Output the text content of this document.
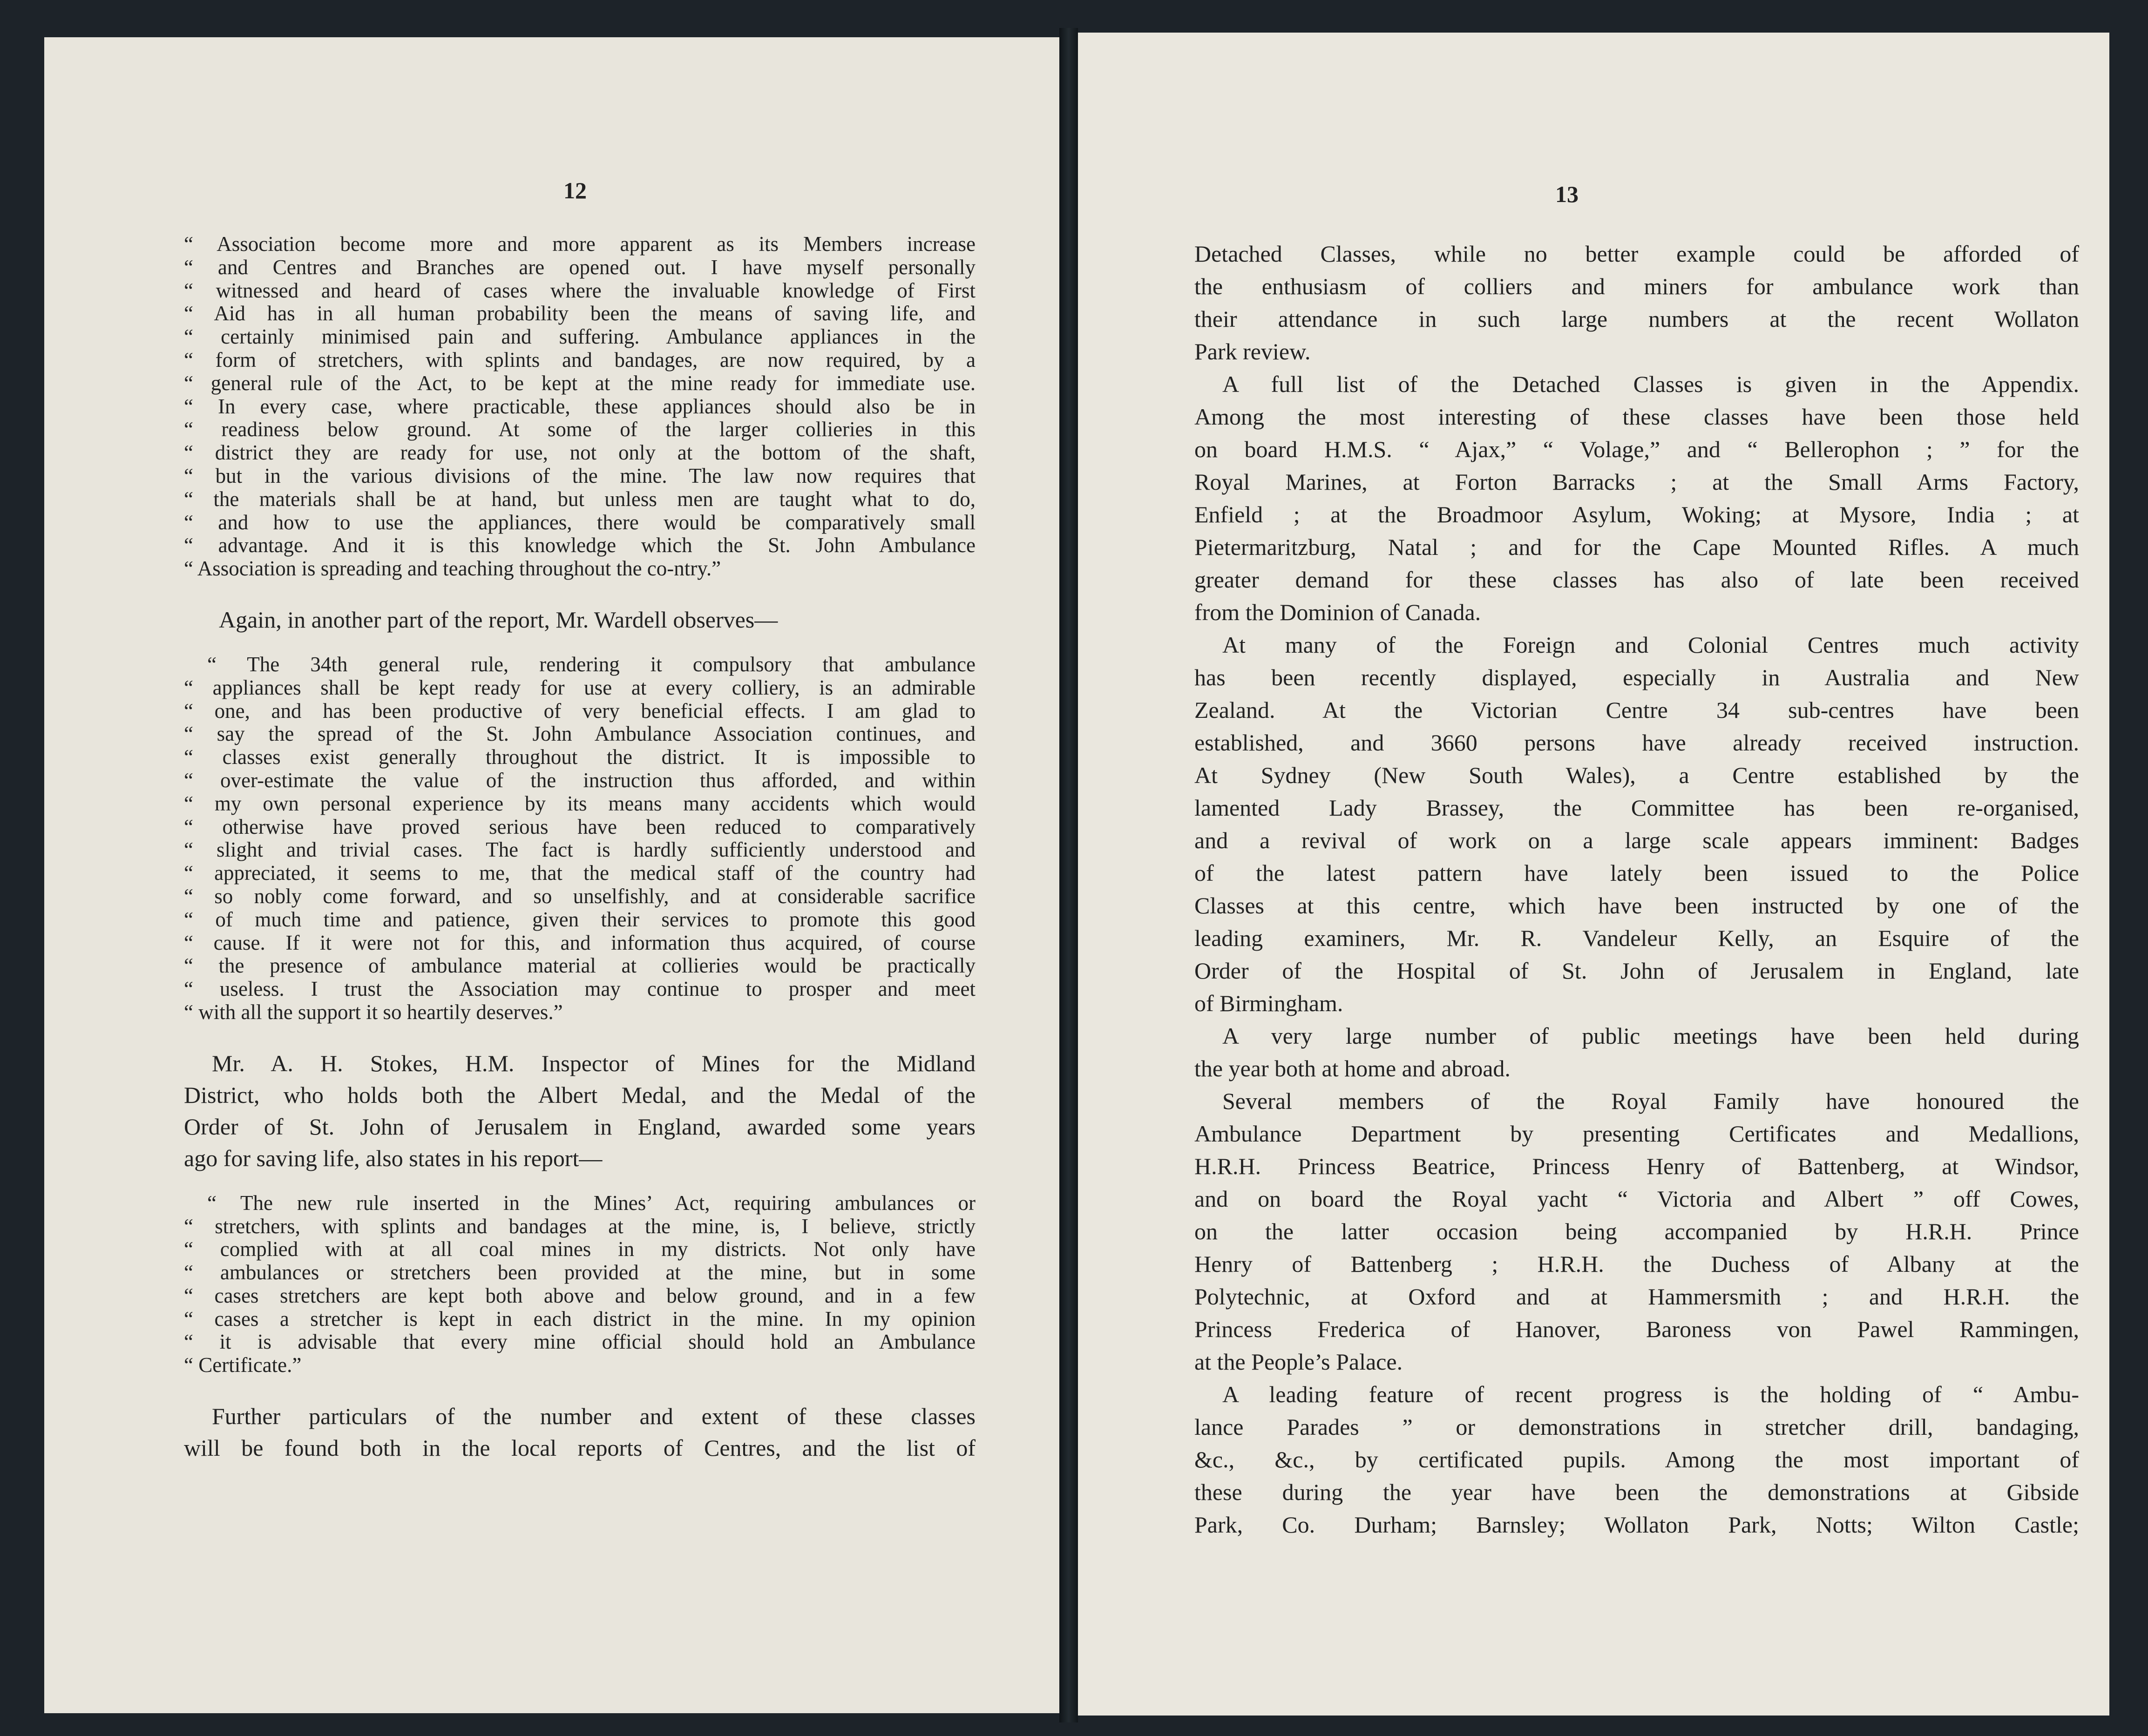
12
“ Association become more and more apparent as its Members increase
“ and Centres and Branches are opened out. I have myself personally
“ witnessed and heard of cases where the invaluable knowledge of First
“ Aid has in all human probability been the means of saving life, and
“ certainly minimised pain and suffering. Ambulance appliances in the
“ form of stretchers, with splints and bandages, are now required, by a
“ general rule of the Act, to be kept at the mine ready for immediate use.
“ In every case, where practicable, these appliances should also be in
“ readiness below ground. At some of the larger collieries in this
“ district they are ready for use, not only at the bottom of the shaft,
“ but in the various divisions of the mine. The law now requires that
“ the materials shall be at hand, but unless men are taught what to do,
“ and how to use the appliances, there would be comparatively small
“ advantage. And it is this knowledge which the St. John Ambulance
“ Association is spreading and teaching throughout the co-ntry.”
Again, in another part of the report, Mr. Wardell observes—
“ The 34th general rule, rendering it compulsory that ambulance
“ appliances shall be kept ready for use at every colliery, is an admirable
“ one, and has been productive of very beneficial effects. I am glad to
“ say the spread of the St. John Ambulance Association continues, and
“ classes exist generally throughout the district. It is impossible to
“ over-estimate the value of the instruction thus afforded, and within
“ my own personal experience by its means many accidents which would
“ otherwise have proved serious have been reduced to comparatively
“ slight and trivial cases. The fact is hardly sufficiently understood and
“ appreciated, it seems to me, that the medical staff of the country had
“ so nobly come forward, and so unselfishly, and at considerable sacrifice
“ of much time and patience, given their services to promote this good
“ cause. If it were not for this, and information thus acquired, of course
“ the presence of ambulance material at collieries would be practically
“ useless. I trust the Association may continue to prosper and meet
“ with all the support it so heartily deserves.”
Mr. A. H. Stokes, H.M. Inspector of Mines for the Midland
District, who holds both the Albert Medal, and the Medal of the
Order of St. John of Jerusalem in England, awarded some years
ago for saving life, also states in his report—
“ The new rule inserted in the Mines’ Act, requiring ambulances or
“ stretchers, with splints and bandages at the mine, is, I believe, strictly
“ complied with at all coal mines in my districts. Not only have
“ ambulances or stretchers been provided at the mine, but in some
“ cases stretchers are kept both above and below ground, and in a few
“ cases a stretcher is kept in each district in the mine. In my opinion
“ it is advisable that every mine official should hold an Ambulance
“ Certificate.”
Further particulars of the number and extent of these classes
will be found both in the local reports of Centres, and the list of
13
Detached Classes, while no better example could be afforded of
the enthusiasm of colliers and miners for ambulance work than
their attendance in such large numbers at the recent Wollaton
Park review.
A full list of the Detached Classes is given in the Appendix.
Among the most interesting of these classes have been those held
on board H.M.S. “ Ajax,” “ Volage,” and “ Bellerophon ; ” for the
Royal Marines, at Forton Barracks ; at the Small Arms Factory,
Enfield ; at the Broadmoor Asylum, Woking; at Mysore, India ; at
Pietermaritzburg, Natal ; and for the Cape Mounted Rifles. A much
greater demand for these classes has also of late been received
from the Dominion of Canada.
At many of the Foreign and Colonial Centres much activity
has been recently displayed, especially in Australia and New
Zealand. At the Victorian Centre 34 sub-centres have been
established, and 3660 persons have already received instruction.
At Sydney (New South Wales), a Centre established by the
lamented Lady Brassey, the Committee has been re-organised,
and a revival of work on a large scale appears imminent: Badges
of the latest pattern have lately been issued to the Police
Classes at this centre, which have been instructed by one of the
leading examiners, Mr. R. Vandeleur Kelly, an Esquire of the
Order of the Hospital of St. John of Jerusalem in England, late
of Birmingham.
A very large number of public meetings have been held during
the year both at home and abroad.
Several members of the Royal Family have honoured the
Ambulance Department by presenting Certificates and Medallions,
H.R.H. Princess Beatrice, Princess Henry of Battenberg, at Windsor,
and on board the Royal yacht “ Victoria and Albert ” off Cowes,
on the latter occasion being accompanied by H.R.H. Prince
Henry of Battenberg ; H.R.H. the Duchess of Albany at the
Polytechnic, at Oxford and at Hammersmith ; and H.R.H. the
Princess Frederica of Hanover, Baroness von Pawel Rammingen,
at the People’s Palace.
A leading feature of recent progress is the holding of “ Ambu-
lance Parades ” or demonstrations in stretcher drill, bandaging,
&c., &c., by certificated pupils. Among the most important of
these during the year have been the demonstrations at Gibside
Park, Co. Durham; Barnsley; Wollaton Park, Notts; Wilton Castle;
